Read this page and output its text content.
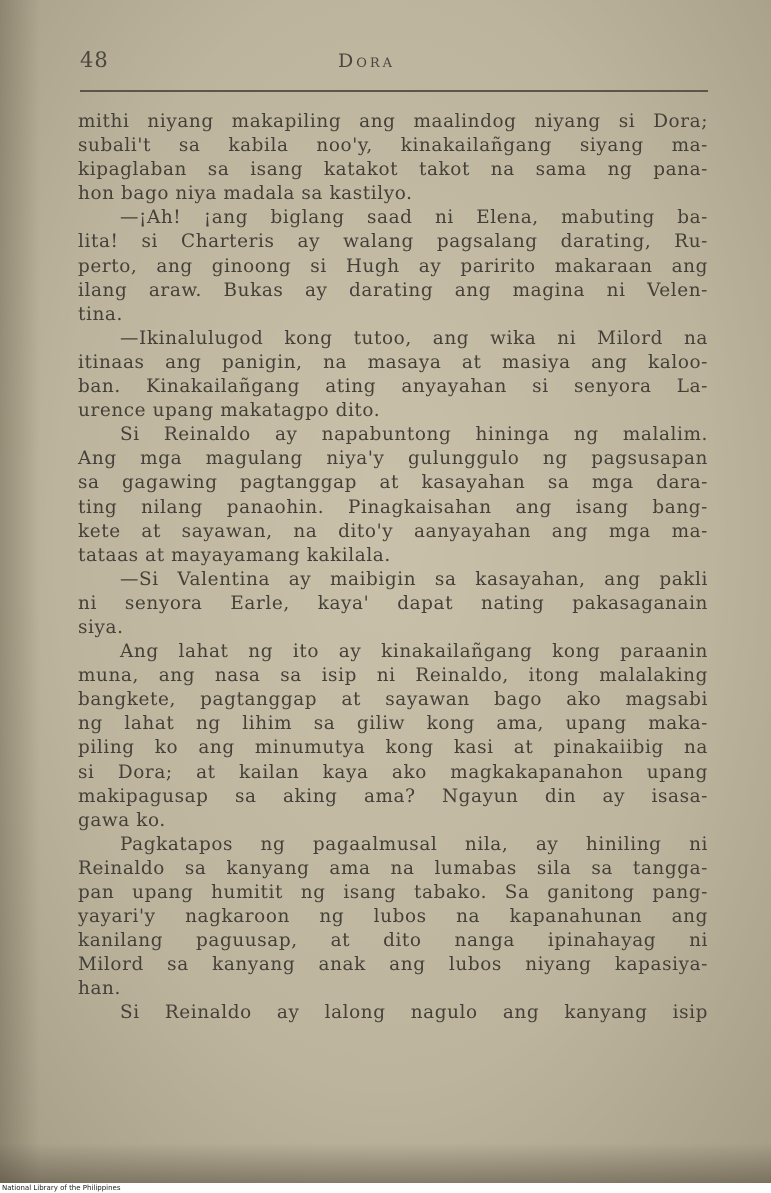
48	Dora
mithi niyang makapiling ang maalindog niyang si Dora;
subali't sa kabila noo'y, kinakailañgang siyang ma-
kipaglaban sa isang katakot takot na sama ng pana-
hon bago niya madala sa kastilyo.
—¡Ah! ¡ang biglang saad ni Elena, mabuting ba-
lita! si Charteris ay walang pagsalang darating, Ru-
perto, ang ginoong si Hugh ay paririto makaraan ang
ilang araw. Bukas ay darating ang magina ni Velen-
tina.
—Ikinalulugod kong tutoo, ang wika ni Milord na
itinaas ang panigin, na masaya at masiya ang kaloo-
ban. Kinakailañgang ating anyayahan si senyora La-
urence upang makatagpo dito.
Si Reinaldo ay napabuntong hininga ng malalim.
Ang mga magulang niya'y gulunggulo ng pagsusapan
sa gagawing pagtanggap at kasayahan sa mga dara-
ting nilang panaohin. Pinagkaisahan ang isang bang-
kete at sayawan, na dito'y aanyayahan ang mga ma-
tataas at mayayamang kakilala.
—Si Valentina ay maibigin sa kasayahan, ang pakli
ni senyora Earle, kaya' dapat nating pakasaganain
siya.
Ang lahat ng ito ay kinakailañgang kong paraanin
muna, ang nasa sa isip ni Reinaldo, itong malalaking
bangkete, pagtanggap at sayawan bago ako magsabi
ng lahat ng lihim sa giliw kong ama, upang maka-
piling ko ang minumutya kong kasi at pinakaiibig na
si Dora; at kailan kaya ako magkakapanahon upang
makipagusap sa aking ama? Ngayun din ay isasa-
gawa ko.
Pagkatapos ng pagaalmusal nila, ay hiniling ni
Reinaldo sa kanyang ama na lumabas sila sa tangga-
pan upang humitit ng isang tabako. Sa ganitong pang-
yayari'y nagkaroon ng lubos na kapanahunan ang
kanilang paguusap, at dito nanga ipinahayag ni
Milord sa kanyang anak ang lubos niyang kapasiya-
han.
Si Reinaldo ay lalong nagulo ang kanyang isip
National Library of the Philippines
